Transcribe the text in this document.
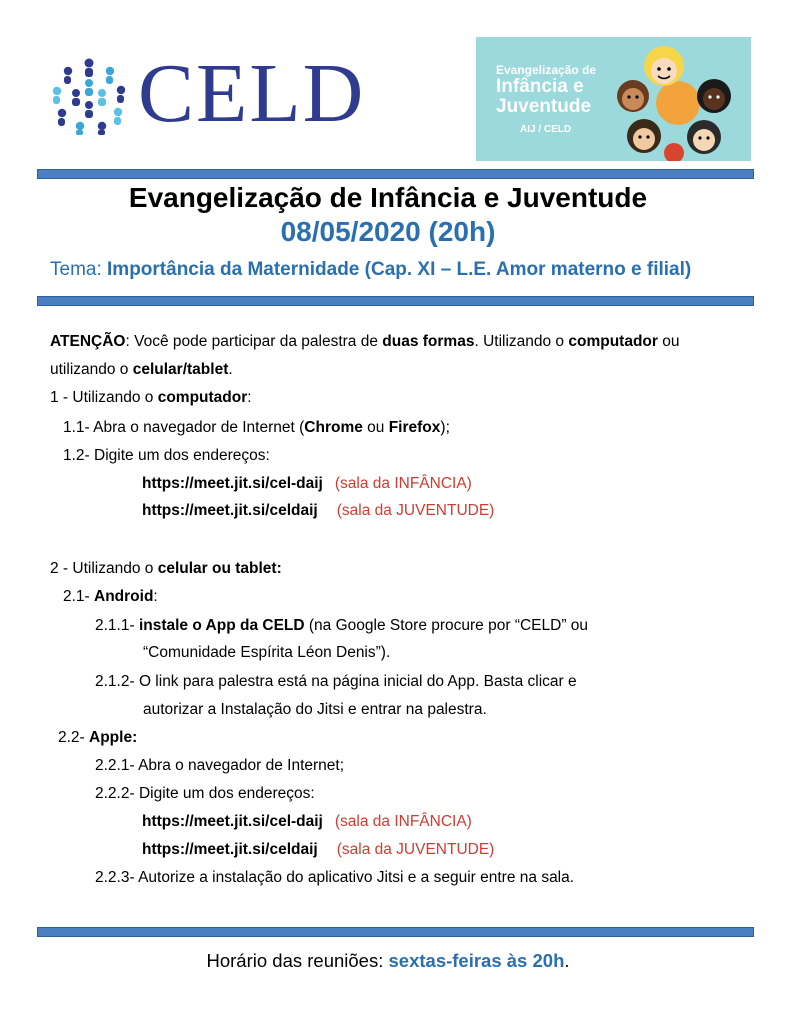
CELD	Evangelização de
Infância e
Juventude
AIJ / CELD
Evangelização de Infância e Juventude
08/05/2020 (20h)
Tema: Importância da Maternidade (Cap. XI – L.E. Amor materno e filial)
ATENÇÃO: Você pode participar da palestra de duas formas. Utilizando o computador ou
utilizando o celular/tablet.
1 - Utilizando o computador:
1.1- Abra o navegador de Internet (Chrome ou Firefox);
1.2- Digite um dos endereços:
https://meet.jit.si/cel-daij (sala da INFÂNCIA)
https://meet.jit.si/celdaij (sala da JUVENTUDE)
2 - Utilizando o celular ou tablet:
2.1- Android:
2.1.1- instale o App da CELD (na Google Store procure por “CELD” ou
“Comunidade Espírita Léon Denis”).
2.1.2- O link para palestra está na página inicial do App. Basta clicar e
autorizar a Instalação do Jitsi e entrar na palestra.
2.2- Apple:
2.2.1- Abra o navegador de Internet;
2.2.2- Digite um dos endereços:
https://meet.jit.si/cel-daij (sala da INFÂNCIA)
https://meet.jit.si/celdaij (sala da JUVENTUDE)
2.2.3- Autorize a instalação do aplicativo Jitsi e a seguir entre na sala.
Horário das reuniões: sextas-feiras às 20h.
